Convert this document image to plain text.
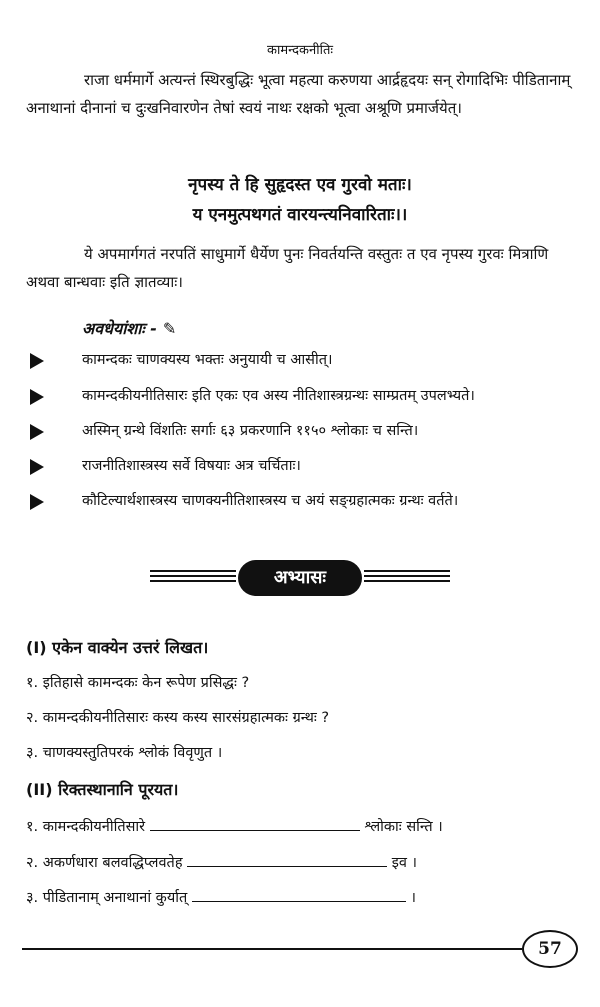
कामन्दकनीतिः

राजा धर्ममार्गे अत्यन्तं स्थिरबुद्धिः भूत्वा महत्या करुणया आर्द्रहृदयः सन् रोगादिभिः पीडितानाम् अनाथानां दीनानां च दुःखनिवारणेन तेषां स्वयं नाथः रक्षको भूत्वा अश्रूणि प्रमार्जयेत्।

नृपस्य ते हि सुहृदस्त एव गुरवो मताः।
य एनमुत्पथगतं वारयन्त्यनिवारिताः।।

ये अपमार्गगतं नरपतिं साधुमार्गे धैर्येण पुनः निवर्तयन्ति वस्तुतः त एव नृपस्य गुरवः मित्राणि अथवा बान्धवाः इति ज्ञातव्याः।

अवधेयांशाः - ✎
कामन्दकः चाणक्यस्य भक्तः अनुयायी च आसीत्।
कामन्दकीयनीतिसारः इति एकः एव अस्य नीतिशास्त्रग्रन्थः साम्प्रतम् उपलभ्यते।
अस्मिन् ग्रन्थे विंशतिः सर्गाः ६३ प्रकरणानि ११५० श्लोकाः च सन्ति।
राजनीतिशास्त्रस्य सर्वे विषयाः अत्र चर्चिताः।
कौटिल्यार्थशास्त्रस्य चाणक्यनीतिशास्त्रस्य च अयं सङ्ग्रहात्मकः ग्रन्थः वर्तते।
अभ्यासः
(I) एकेन वाक्येन उत्तरं लिखत।
१. इतिहासे कामन्दकः केन रूपेण प्रसिद्धः ?
२. कामन्दकीयनीतिसारः कस्य कस्य सारसंग्रहात्मकः ग्रन्थः ?
३. चाणक्यस्तुतिपरकं श्लोकं विवृणुत ।
(II) रिक्तस्थानानि पूरयत।
१. कामन्दकीयनीतिसारे	श्लोकाः सन्ति ।
२. अकर्णधारा बलवद्धिप्लवतेह	इव ।
३. पीडितानाम् अनाथानां कुर्यात्	।
57
